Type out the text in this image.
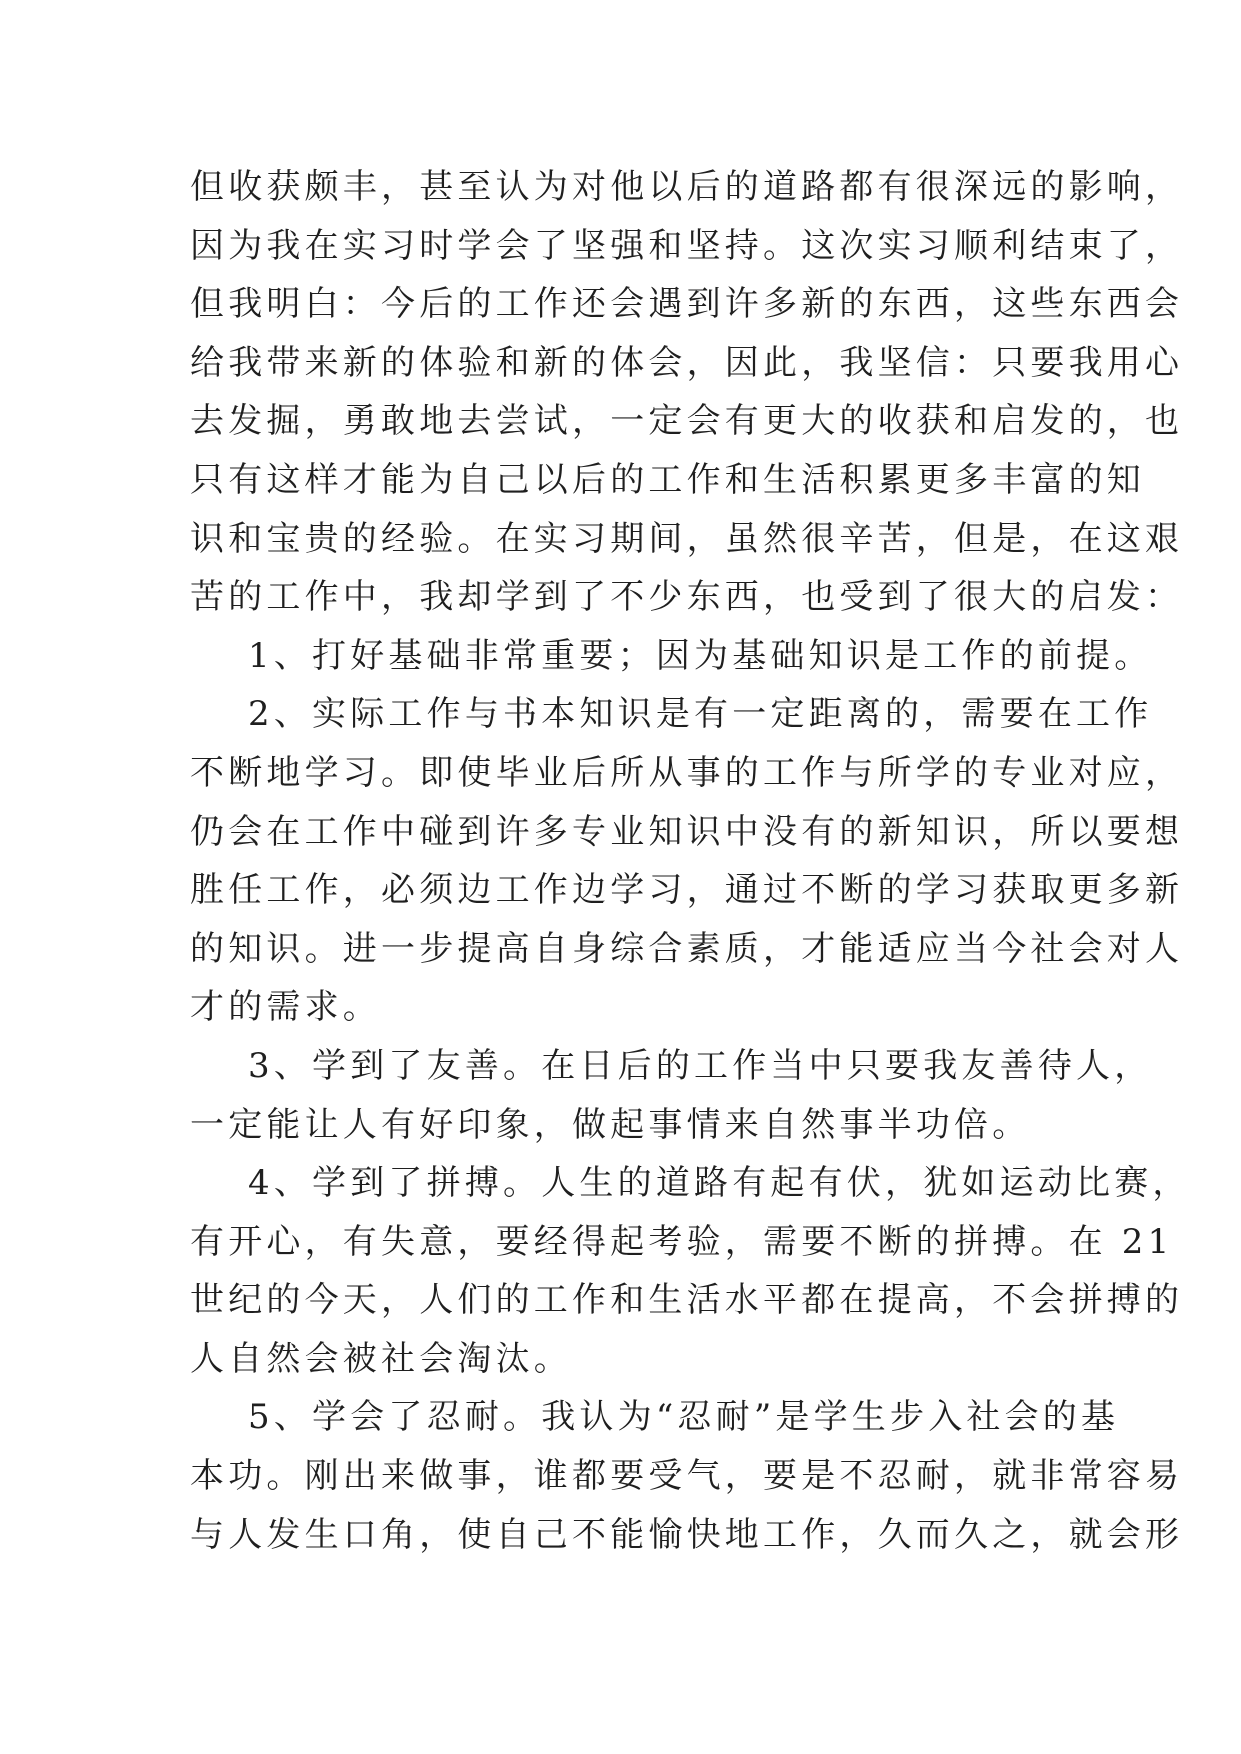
但收获颇丰，甚至认为对他以后的道路都有很深远的影响，
因为我在实习时学会了坚强和坚持。这次实习顺利结束了，
但我明白：今后的工作还会遇到许多新的东西，这些东西会
给我带来新的体验和新的体会，因此，我坚信：只要我用心
去发掘，勇敢地去尝试，一定会有更大的收获和启发的，也
只有这样才能为自己以后的工作和生活积累更多丰富的知
识和宝贵的经验。在实习期间，虽然很辛苦，但是，在这艰
苦的工作中，我却学到了不少东西，也受到了很大的启发：
1、打好基础非常重要；因为基础知识是工作的前提。
2、实际工作与书本知识是有一定距离的，需要在工作
不断地学习。即使毕业后所从事的工作与所学的专业对应，
仍会在工作中碰到许多专业知识中没有的新知识，所以要想
胜任工作，必须边工作边学习，通过不断的学习获取更多新
的知识。进一步提高自身综合素质，才能适应当今社会对人
才的需求。
3、学到了友善。在日后的工作当中只要我友善待人，
一定能让人有好印象，做起事情来自然事半功倍。
4、学到了拼搏。人生的道路有起有伏，犹如运动比赛，
有开心，有失意，要经得起考验，需要不断的拼搏。在 21
世纪的今天，人们的工作和生活水平都在提高，不会拼搏的
人自然会被社会淘汰。
5、学会了忍耐。我认为“忍耐”是学生步入社会的基
本功。刚出来做事，谁都要受气，要是不忍耐，就非常容易
与人发生口角，使自己不能愉快地工作，久而久之，就会形
